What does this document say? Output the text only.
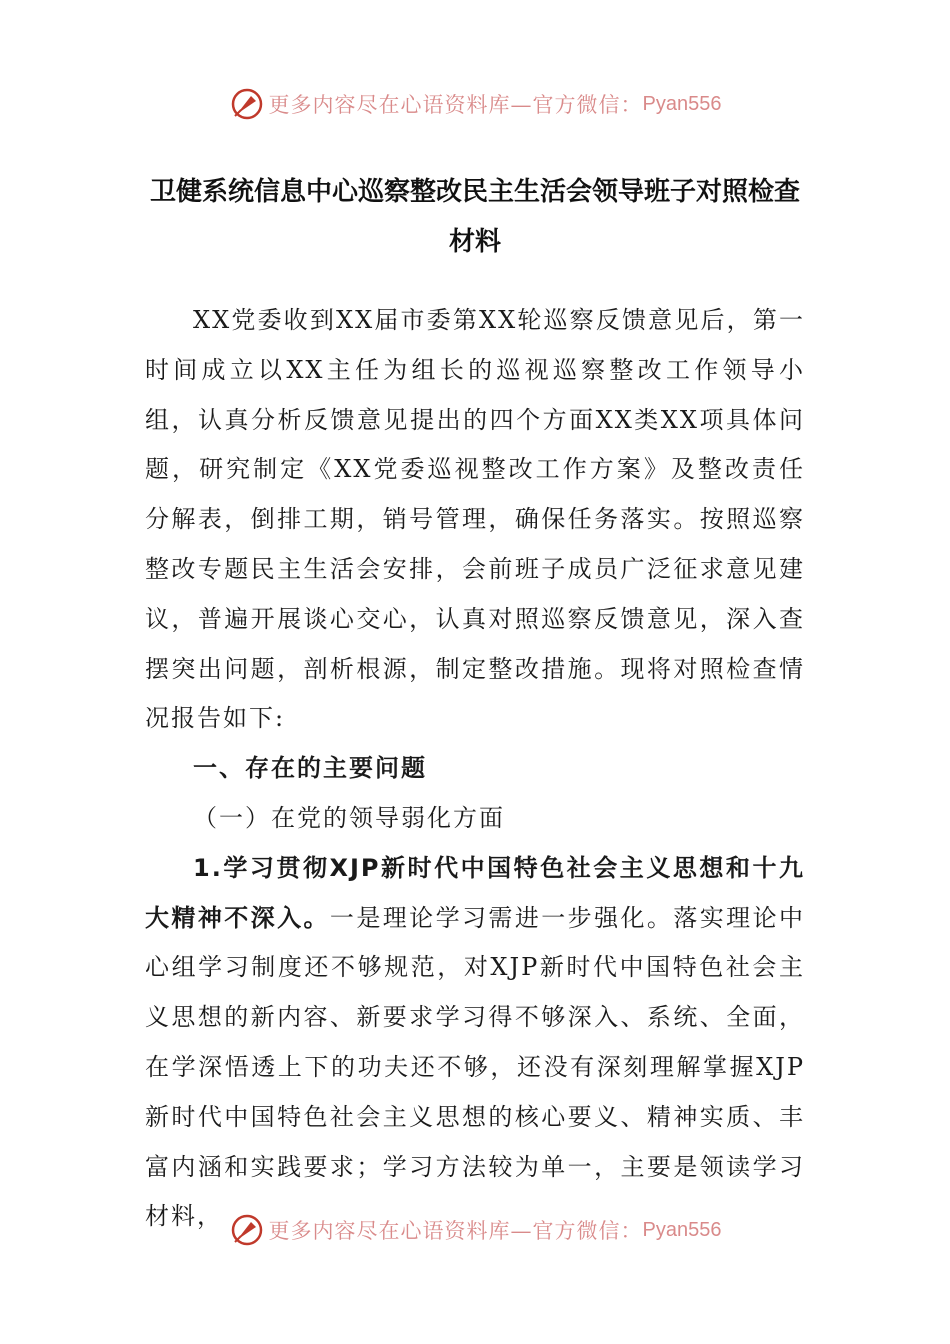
更多内容尽在心语资料库—官方微信： Pyan556
卫健系统信息中心巡察整改民主生活会领导班子对照检查
材料

XX党委收到XX届市委第XX轮巡察反馈意见后，第一时间成立以XX主任为组长的巡视巡察整改工作领导小组，认真分析反馈意见提出的四个方面XX类XX项具体问题，研究制定《XX党委巡视整改工作方案》及整改责任分解表，倒排工期，销号管理，确保任务落实。按照巡察整改专题民主生活会安排，会前班子成员广泛征求意见建议，普遍开展谈心交心，认真对照巡察反馈意见，深入查摆突出问题，剖析根源，制定整改措施。现将对照检查情况报告如下:

一、存在的主要问题

（一）在党的领导弱化方面

1.学习贯彻XJP新时代中国特色社会主义思想和十九大精神不深入。一是理论学习需进一步强化。落实理论中心组学习制度还不够规范，对XJP新时代中国特色社会主义思想的新内容、新要求学习得不够深入、系统、全面，在学深悟透上下的功夫还不够，还没有深刻理解掌握XJP新时代中国特色社会主义思想的核心要义、精神实质、丰富内涵和实践要求；学习方法较为单一，主要是领读学习材料，

更多内容尽在心语资料库—官方微信： Pyan556
